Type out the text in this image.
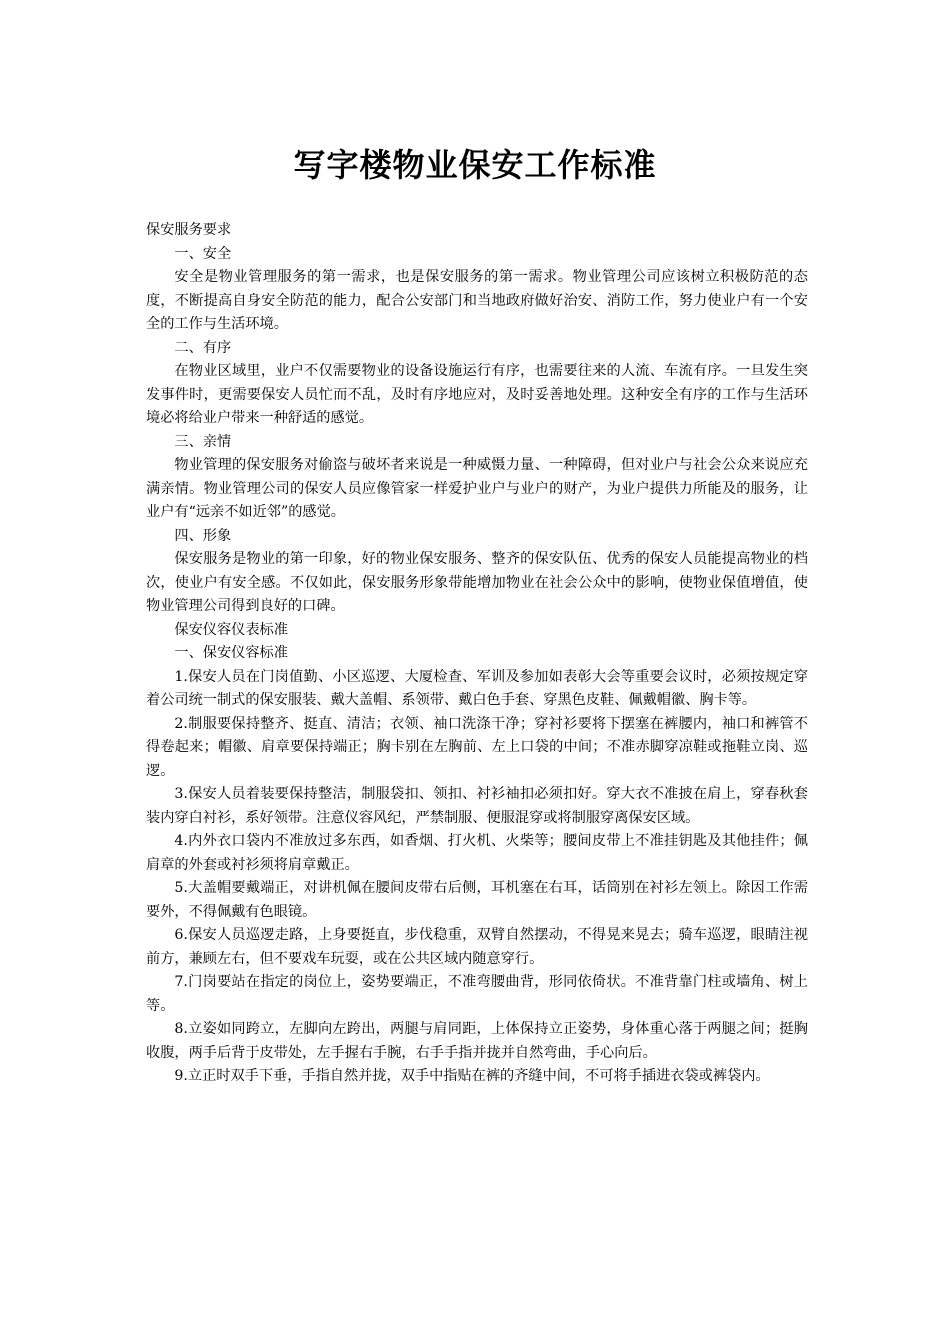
写字楼物业保安工作标准

保安服务要求

一、安全

安全是物业管理服务的第一需求，也是保安服务的第一需求。物业管理公司应该树立积极防范的态度，不断提高自身安全防范的能力，配合公安部门和当地政府做好治安、消防工作，努力使业户有一个安全的工作与生活环境。

二、有序

在物业区域里，业户不仅需要物业的设备设施运行有序，也需要往来的人流、车流有序。一旦发生突发事件时，更需要保安人员忙而不乱，及时有序地应对，及时妥善地处理。这种安全有序的工作与生活环境必将给业户带来一种舒适的感觉。

三、亲情

物业管理的保安服务对偷盗与破坏者来说是一种威慑力量、一种障碍，但对业户与社会公众来说应充满亲情。物业管理公司的保安人员应像管家一样爱护业户与业户的财产，为业户提供力所能及的服务，让业户有“远亲不如近邻”的感觉。

四、形象

保安服务是物业的第一印象，好的物业保安服务、整齐的保安队伍、优秀的保安人员能提高物业的档次，使业户有安全感。不仅如此，保安服务形象带能增加物业在社会公众中的影响，使物业保值增值，使物业管理公司得到良好的口碑。

保安仪容仪表标准

一、保安仪容标准

1.保安人员在门岗值勤、小区巡逻、大厦检查、军训及参加如表彰大会等重要会议时，必须按规定穿着公司统一制式的保安服装、戴大盖帽、系领带、戴白色手套、穿黑色皮鞋、佩戴帽徽、胸卡等。

2.制服要保持整齐、挺直、清洁；衣领、袖口洗涤干净；穿衬衫要将下摆塞在裤腰内，袖口和裤管不得卷起来；帽徽、肩章要保持端正；胸卡别在左胸前、左上口袋的中间；不准赤脚穿凉鞋或拖鞋立岗、巡逻。

3.保安人员着装要保持整洁，制服袋扣、领扣、衬衫袖扣必须扣好。穿大衣不准披在肩上，穿春秋套装内穿白衬衫，系好领带。注意仪容风纪，严禁制服、便服混穿或将制服穿离保安区域。

4.内外衣口袋内不准放过多东西，如香烟、打火机、火柴等；腰间皮带上不准挂钥匙及其他挂件；佩肩章的外套或衬衫须将肩章戴正。

5.大盖帽要戴端正，对讲机佩在腰间皮带右后侧，耳机塞在右耳，话筒别在衬衫左领上。除因工作需要外，不得佩戴有色眼镜。

6.保安人员巡逻走路，上身要挺直，步伐稳重，双臂自然摆动，不得晃来晃去；骑车巡逻，眼睛注视前方，兼顾左右，但不要戏车玩耍，或在公共区域内随意穿行。

7.门岗要站在指定的岗位上，姿势要端正，不准弯腰曲背，形同依倚状。不准背靠门柱或墙角、树上等。

8.立姿如同跨立，左脚向左跨出，两腿与肩同距，上体保持立正姿势，身体重心落于两腿之间；挺胸收腹，两手后背于皮带处，左手握右手腕，右手手指并拢并自然弯曲，手心向后。

9.立正时双手下垂，手指自然并拢，双手中指贴在裤的齐缝中间，不可将手插进衣袋或裤袋内。
